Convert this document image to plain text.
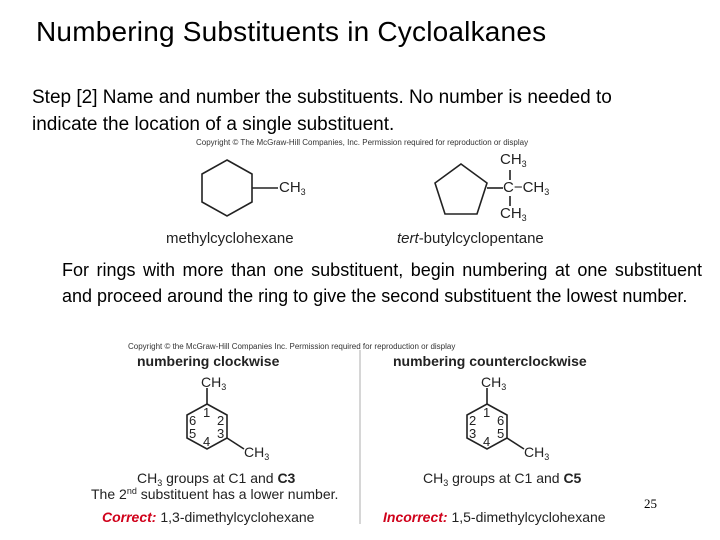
Numbering Substituents in Cycloalkanes
Step [2] Name and number the substituents. No number is needed to indicate the location of a single substituent.
Copyright © The McGraw-Hill Companies, Inc. Permission required for reproduction or display
$CH_3$
methylcyclohexane
$CH_3$
$C-CH_3$
$CH_3$
tert-butylcyclopentane
For rings with more than one substituent, begin numbering at one substituent and proceed around the ring to give the second substituent the lowest number.
Copyright © the McGraw-Hill Companies Inc. Permission required for reproduction or display
numbering clockwise
$CH_3$
$CH_3$
1
2
3
4
5
6
$CH_3$ groups at C1 and C3
The 2nd substituent has a lower number.
Correct: 1,3-dimethylcyclohexane
numbering counterclockwise
$CH_3$
$CH_3$
1
6
5
4
3
2
$CH_3$ groups at C1 and C5
Incorrect: 1,5-dimethylcyclohexane
25
